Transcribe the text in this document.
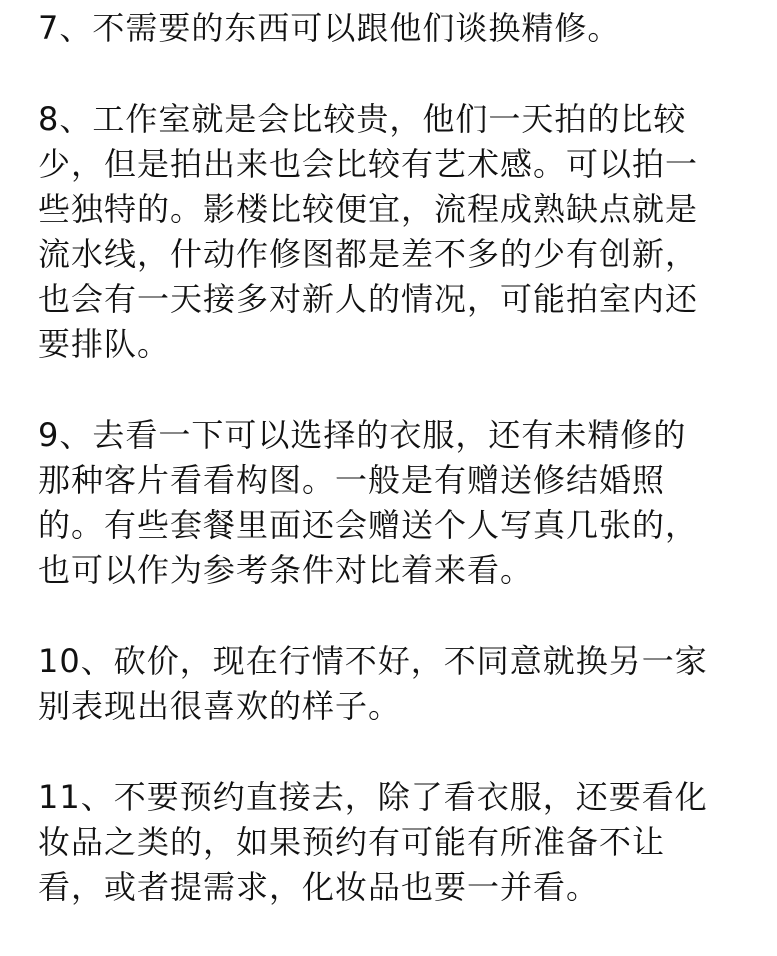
7、不需要的东西可以跟他们谈换精修。
8、工作室就是会比较贵，他们一天拍的比较
少，但是拍出来也会比较有艺术感。可以拍一
些独特的。影楼比较便宜，流程成熟缺点就是
流水线，什动作修图都是差不多的少有创新，
也会有一天接多对新人的情况，可能拍室内还
要排队。
9、去看一下可以选择的衣服，还有未精修的
那种客片看看构图。一般是有赠送修结婚照
的。有些套餐里面还会赠送个人写真几张的，
也可以作为参考条件对比着来看。
10、砍价，现在行情不好，不同意就换另一家
别表现出很喜欢的样子。
11、不要预约直接去，除了看衣服，还要看化
妆品之类的，如果预约有可能有所准备不让
看，或者提需求，化妆品也要一并看。
